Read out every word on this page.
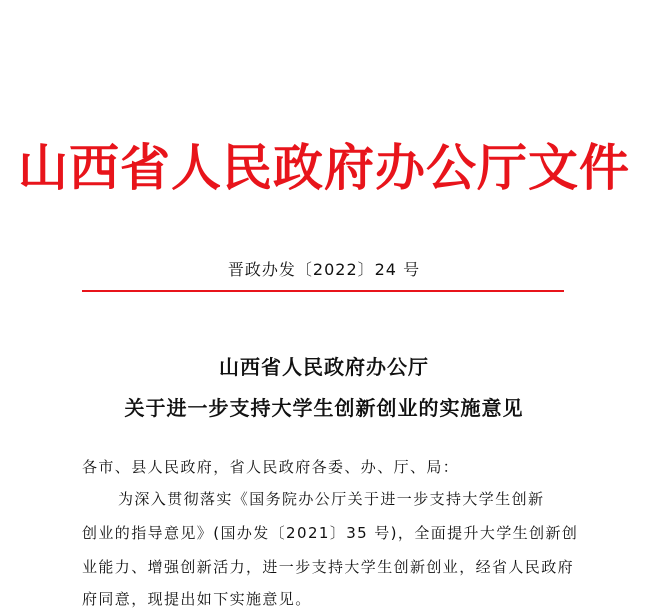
山西省人民政府办公厅文件
晋政办发〔2022〕24 号
山西省人民政府办公厅
关于进一步支持大学生创新创业的实施意见
各市、县人民政府，省人民政府各委、办、厅、局：
为深入贯彻落实《国务院办公厅关于进一步支持大学生创新
创业的指导意见》(国办发〔2021〕35 号)，全面提升大学生创新创
业能力、增强创新活力，进一步支持大学生创新创业，经省人民政府
府同意，现提出如下实施意见。
